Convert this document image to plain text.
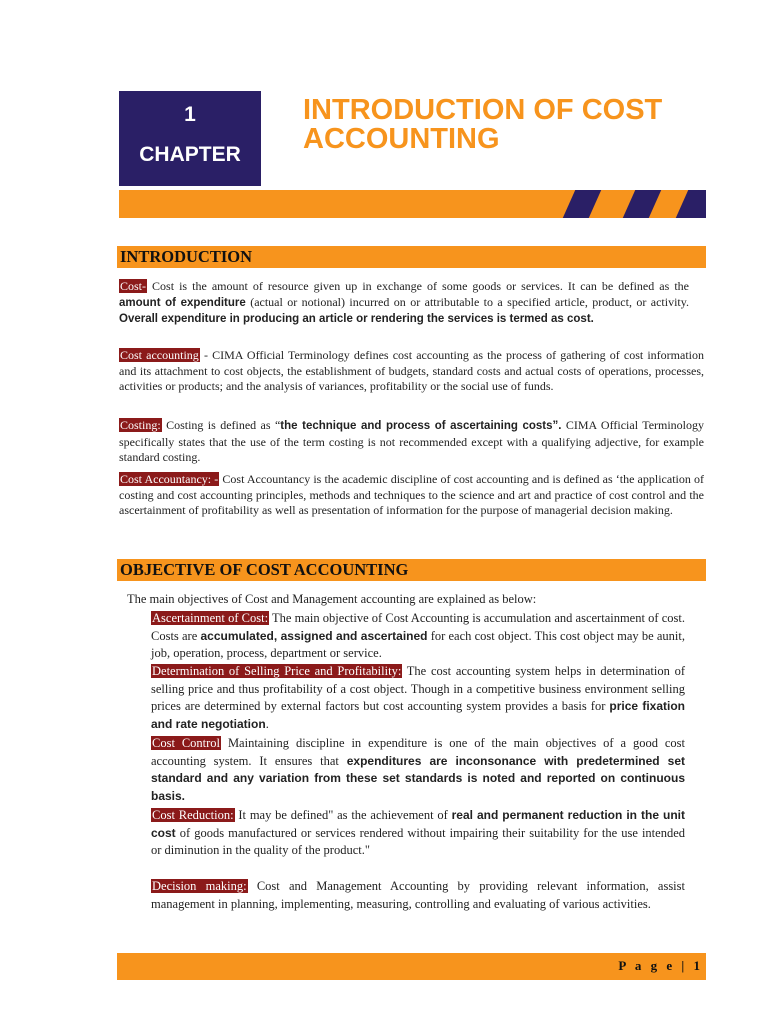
1
CHAPTER
INTRODUCTION OF COST
ACCOUNTING
INTRODUCTION
Cost- Cost is the amount of resource given up in exchange of some goods or services. It can be defined as the amount of expenditure (actual or notional) incurred on or attributable to a specified article, product, or activity. Overall expenditure in producing an article or rendering the services is termed as cost.
Cost accounting - CIMA Official Terminology defines cost accounting as the process of gathering of cost information and its attachment to cost objects, the establishment of budgets, standard costs and actual costs of operations, processes, activities or products; and the analysis of variances, profitability or the social use of funds.
Costing: Costing is defined as “the technique and process of ascertaining costs”. CIMA Official Terminology specifically states that the use of the term costing is not recommended except with a qualifying adjective, for example standard costing.
Cost Accountancy: - Cost Accountancy is the academic discipline of cost accounting and is defined as ‘the application of costing and cost accounting principles, methods and techniques to the science and art and practice of cost control and the ascertainment of profitability as well as presentation of information for the purpose of managerial decision making.
OBJECTIVE OF COST ACCOUNTING
The main objectives of Cost and Management accounting are explained as below:
Ascertainment of Cost: The main objective of Cost Accounting is accumulation and ascertainment of cost. Costs are accumulated, assigned and ascertained for each cost object. This cost object may be aunit, job, operation, process, department or service.
Determination of Selling Price and Profitability: The cost accounting system helps in determination of selling price and thus profitability of a cost object. Though in a competitive business environment selling prices are determined by external factors but cost accounting system provides a basis for price fixation and rate negotiation.
Cost Control Maintaining discipline in expenditure is one of the main objectives of a good cost accounting system. It ensures that expenditures are inconsonance with predetermined set standard and any variation from these set standards is noted and reported on continuous basis.
Cost Reduction: It may be defined" as the achievement of real and permanent reduction in the unit cost of goods manufactured or services rendered without impairing their suitability for the use intended or diminution in the quality of the product."
Decision making: Cost and Management Accounting by providing relevant information, assist management in planning, implementing, measuring, controlling and evaluating of various activities.
P a g e | 1
